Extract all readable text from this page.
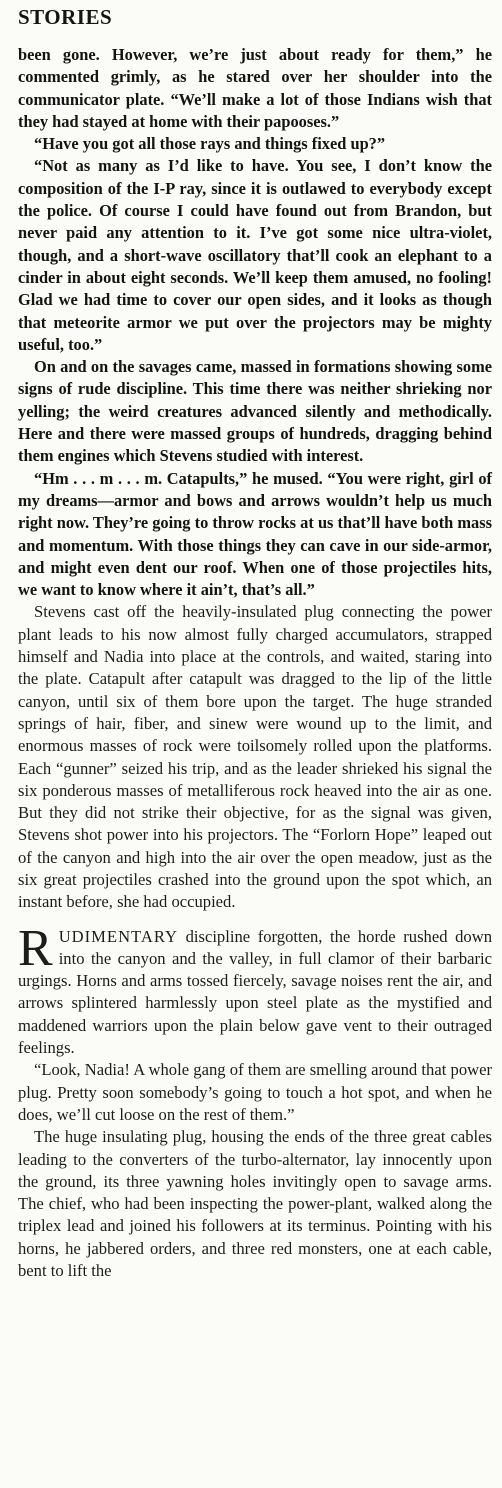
STORIES

been gone. However, we’re just about ready for them,” he commented grimly, as he stared over her shoulder into the communicator plate. “We’ll make a lot of those Indians wish that they had stayed at home with their papooses.”

“Have you got all those rays and things fixed up?”

“Not as many as I’d like to have. You see, I don’t know the composition of the I-P ray, since it is outlawed to everybody except the police. Of course I could have found out from Brandon, but never paid any attention to it. I’ve got some nice ultra-violet, though, and a short-wave oscillatory that’ll cook an elephant to a cinder in about eight seconds. We’ll keep them amused, no fooling! Glad we had time to cover our open sides, and it looks as though that meteorite armor we put over the projectors may be mighty useful, too.”

On and on the savages came, massed in formations showing some signs of rude discipline. This time there was neither shrieking nor yelling; the weird creatures advanced silently and methodically. Here and there were massed groups of hundreds, dragging behind them engines which Stevens studied with interest.

“Hm . . . m . . . m. Catapults,” he mused. “You were right, girl of my dreams—armor and bows and arrows wouldn’t help us much right now. They’re going to throw rocks at us that’ll have both mass and momentum. With those things they can cave in our side-armor, and might even dent our roof. When one of those projectiles hits, we want to know where it ain’t, that’s all.”

Stevens cast off the heavily-insulated plug connecting the power plant leads to his now almost fully charged accumulators, strapped himself and Nadia into place at the controls, and waited, staring into the plate. Catapult after catapult was dragged to the lip of the little canyon, until six of them bore upon the target. The huge stranded springs of hair, fiber, and sinew were wound up to the limit, and enormous masses of rock were toilsomely rolled upon the platforms. Each “gunner” seized his trip, and as the leader shrieked his signal the six ponderous masses of metalliferous rock heaved into the air as one. But they did not strike their objective, for as the signal was given, Stevens shot power into his projectors. The “Forlorn Hope” leaped out of the canyon and high into the air over the open meadow, just as the six great projectiles crashed into the ground upon the spot which, an instant before, she had occupied.

RUDIMENTARY discipline forgotten, the horde rushed down into the canyon and the valley, in full clamor of their barbaric urgings. Horns and arms tossed fiercely, savage noises rent the air, and arrows splintered harmlessly upon steel plate as the mystified and maddened warriors upon the plain below gave vent to their outraged feelings.

“Look, Nadia! A whole gang of them are smelling around that power plug. Pretty soon somebody’s going to touch a hot spot, and when he does, we’ll cut loose on the rest of them.”

The huge insulating plug, housing the ends of the three great cables leading to the converters of the turbo-alternator, lay innocently upon the ground, its three yawning holes invitingly open to savage arms. The chief, who had been inspecting the power-plant, walked along the triplex lead and joined his followers at its terminus. Pointing with his horns, he jabbered orders, and three red monsters, one at each cable, bent to lift the
